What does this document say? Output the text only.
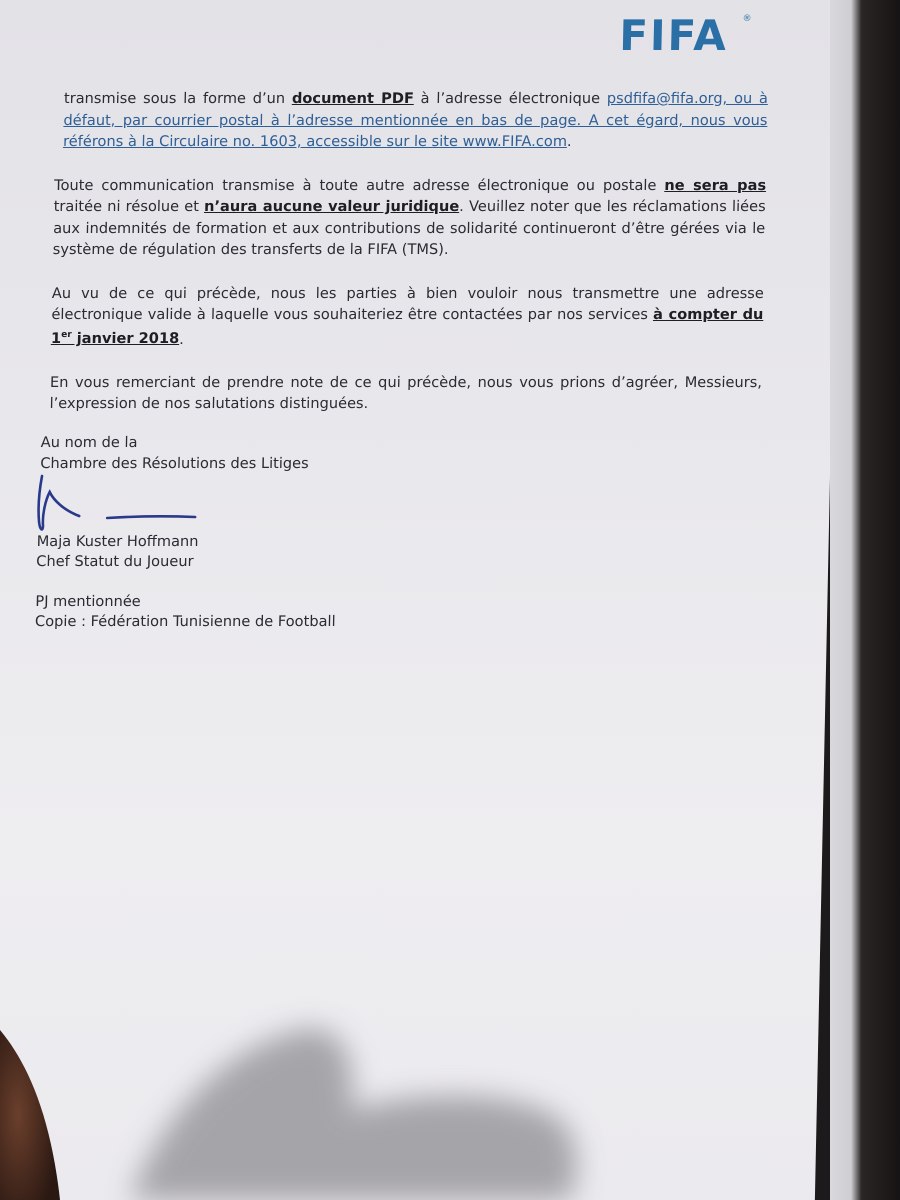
FIFA ®

transmise sous la forme d’un document PDF à l’adresse électronique psdfifa@fifa.org, ou à défaut, par courrier postal à l’adresse mentionnée en bas de page. A cet égard, nous vous référons à la Circulaire no. 1603, accessible sur le site www.FIFA.com.

Toute communication transmise à toute autre adresse électronique ou postale ne sera pas traitée ni résolue et n’aura aucune valeur juridique. Veuillez noter que les réclamations liées aux indemnités de formation et aux contributions de solidarité continueront d’être gérées via le système de régulation des transferts de la FIFA (TMS).

Au vu de ce qui précède, nous les parties à bien vouloir nous transmettre une adresse électronique valide à laquelle vous souhaiteriez être contactées par nos services à compter du 1er janvier 2018.

En vous remerciant de prendre note de ce qui précède, nous vous prions d’agréer, Messieurs, l’expression de nos salutations distinguées.

Au nom de la
Chambre des Résolutions des Litiges
Maja Kuster Hoffmann
Chef Statut du Joueur
PJ mentionnée
Copie : Fédération Tunisienne de Football
